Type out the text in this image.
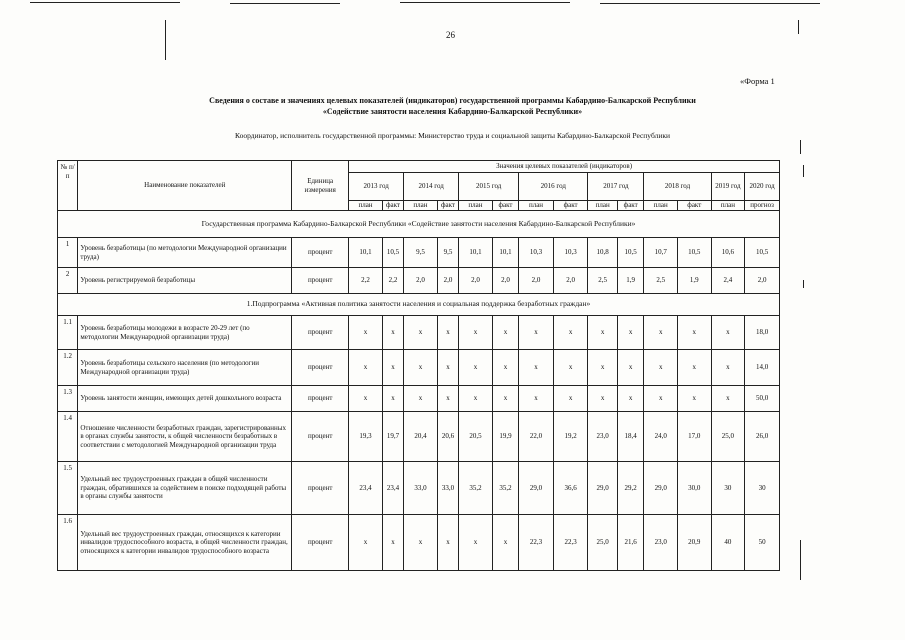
26
«Форма 1
Сведения о составе и значениях целевых показателей (индикаторов) государственной программы Кабардино-Балкарской Республики
«Содействие занятости населения Кабардино-Балкарской Республики»
Координатор, исполнитель государственной программы: Министерство труда и социальной защиты Кабардино-Балкарской Республики
№ п/п	Наименование показателей	Единица измерения	Значения целевых показателей (индикаторов)													
			2013 год		2014 год		2015 год		2016 год		2017 год		2018 год		2019 год	2020 год
			план	факт	план	факт	план	факт	план	факт	план	факт	план	факт	план	прогноз
Государственная программа Кабардино-Балкарской Республики «Содействие занятости населения Кабардино-Балкарской Республики»																
1	Уровень безработицы (по методологии Международной организации труда)	процент	10,1	10,5	9,5	9,5	10,1	10,1	10,3	10,3	10,8	10,5	10,7	10,5	10,6	10,5
2	Уровень регистрируемой безработицы	процент	2,2	2,2	2,0	2,0	2,0	2,0	2,0	2,0	2,5	1,9	2,5	1,9	2,4	2,0
1.Подпрограмма «Активная политика занятости населения и социальная поддержка безработных граждан»																
1.1	Уровень безработицы молодежи в возрасте 20-29 лет (по методологии Международной организации труда)	процент	х	х	х	х	х	х	х	х	х	х	х	х	х	18,0
1.2	Уровень безработицы сельского населения (по методологии Международной организации труда)	процент	х	х	х	х	х	х	х	х	х	х	х	х	х	14,0
1.3	Уровень занятости женщин, имеющих детей дошкольного возраста	процент	х	х	х	х	х	х	х	х	х	х	х	х	х	50,0
1.4	Отношение численности безработных граждан, зарегистрированных в органах службы занятости, к общей численности безработных в соответствии с методологией Международной организации труда	процент	19,3	19,7	20,4	20,6	20,5	19,9	22,0	19,2	23,0	18,4	24,0	17,0	25,0	26,0
1.5	Удельный вес трудоустроенных граждан в общей численности граждан, обратившихся за содействием в поиске подходящей работы в органы службы занятости	процент	23,4	23,4	33,0	33,0	35,2	35,2	29,0	36,6	29,0	29,2	29,0	30,0	30	30
1.6	Удельный вес трудоустроенных граждан, относящихся к категории инвалидов трудоспособного возраста, в общей численности граждан, относящихся к категории инвалидов трудоспособного возраста	процент	х	х	х	х	х	х	22,3	22,3	25,0	21,6	23,0	20,9	40	50
